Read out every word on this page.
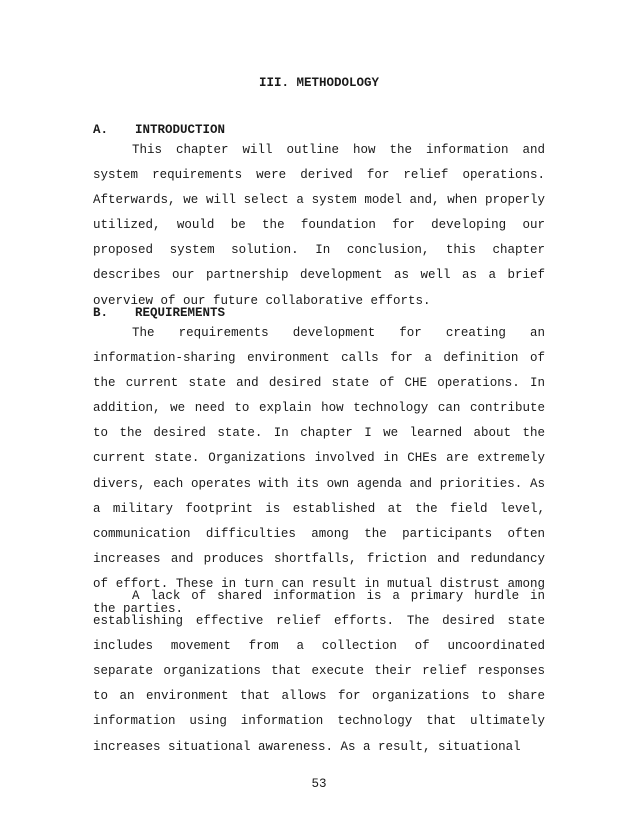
III. METHODOLOGY
A.	INTRODUCTION

This chapter will outline how the information and system requirements were derived for relief operations. Afterwards, we will select a system model and, when properly utilized, would be the foundation for developing our proposed system solution. In conclusion, this chapter describes our partnership development as well as a brief overview of our future collaborative efforts.

B.	REQUIREMENTS

The requirements development for creating an information-sharing environment calls for a definition of the current state and desired state of CHE operations. In addition, we need to explain how technology can contribute to the desired state. In chapter I we learned about the current state. Organizations involved in CHEs are extremely divers, each operates with its own agenda and priorities. As a military footprint is established at the field level, communication difficulties among the participants often increases and produces shortfalls, friction and redundancy of effort. These in turn can result in mutual distrust among the parties.

A lack of shared information is a primary hurdle in establishing effective relief efforts. The desired state includes movement from a collection of uncoordinated separate organizations that execute their relief responses to an environment that allows for organizations to share information using information technology that ultimately increases situational awareness. As a result, situational

53
